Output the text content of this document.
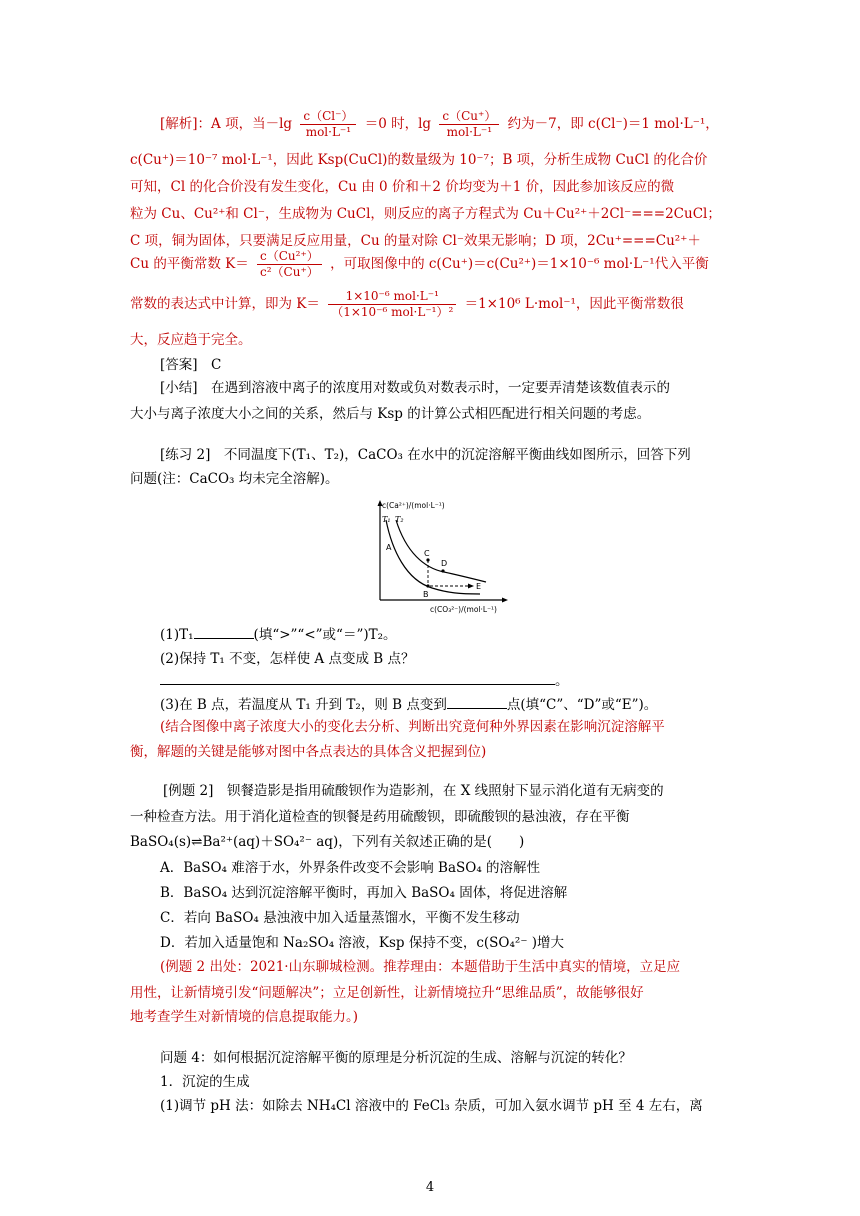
[解析]：A 项，当$-\lg \frac{c(Cl^-)}{\text{mol·L⁻¹}} =0$ 时，$\lg \frac{c(Cu^+)}{\text{mol·L⁻¹}}$ 约为－7，即 c(Cl⁻)＝1 mol·L⁻¹，
c(Cu⁺)＝10⁻⁷ mol·L⁻¹，因此 Ksp(CuCl)的数量级为 10⁻⁷；B 项，分析生成物 CuCl 的化合价
可知，Cl 的化合价没有发生变化，Cu 由 0 价和＋2 价均变为＋1 价，因此参加该反应的微
粒为 Cu、Cu²⁺和 Cl⁻，生成物为 CuCl，则反应的离子方程式为 Cu＋Cu²⁺＋2Cl⁻===2CuCl；
C 项，铜为固体，只要满足反应用量，Cu 的量对除 Cl⁻效果无影响；D 项，2Cu⁺===Cu²⁺＋
Cu 的平衡常数 $K= \frac{\text{c（Cu²⁺）}}{\text{c²（Cu⁺）}}$ ，可取图像中的 c(Cu⁺)＝c(Cu²⁺)＝1×10⁻⁶ mol·L⁻¹代入平衡
常数的表达式中计算，即为 $K= \frac{\text{1×10⁻⁶ mol·L⁻¹}}{\text{（1×10⁻⁶ mol·L⁻¹）²}} =1\times 10^6$ L·mol⁻¹，因此平衡常数很
大，反应趋于完全。
[答案]　C
[小结]　在遇到溶液中离子的浓度用对数或负对数表示时，一定要弄清楚该数值表示的
大小与离子浓度大小之间的关系，然后与 Ksp 的计算公式相匹配进行相关问题的考虑。
[练习 2]　不同温度下(T₁、T₂)，CaCO₃ 在水中的沉淀溶解平衡曲线如图所示，回答下列
问题(注：CaCO₃ 均未完全溶解)。
c(Ca²⁺)/(mol·L⁻¹)
c(CO₃²⁻)/(mol·L⁻¹)
T₁ T₂
A
C
D
B
E
(1)T₁	(填“>”“<”或“＝”)T₂。
(2)保持 T₁ 不变，怎样使 A 点变成 B 点？
。
(3)在 B 点，若温度从 T₁ 升到 T₂，则 B 点变到	点(填“C”、“D”或“E”)。
(结合图像中离子浓度大小的变化去分析、判断出究竟何种外界因素在影响沉淀溶解平
衡，解题的关键是能够对图中各点表达的具体含义把握到位)
[例题 2]　钡餐造影是指用硫酸钡作为造影剂，在 X 线照射下显示消化道有无病变的
一种检查方法。用于消化道检查的钡餐是药用硫酸钡，即硫酸钡的悬浊液，存在平衡
BaSO₄(s)⇌Ba²⁺(aq)＋SO₄²⁻ aq)，下列有关叙述正确的是(　　)
A．BaSO₄ 难溶于水，外界条件改变不会影响 BaSO₄ 的溶解性
B．BaSO₄ 达到沉淀溶解平衡时，再加入 BaSO₄ 固体，将促进溶解
C．若向 BaSO₄ 悬浊液中加入适量蒸馏水，平衡不发生移动
D．若加入适量饱和 Na₂SO₄ 溶液，Ksp 保持不变，c(SO₄²⁻ )增大
(例题 2 出处：2021·山东聊城检测。推荐理由：本题借助于生活中真实的情境，立足应
用性，让新情境引发“问题解决”；立足创新性，让新情境拉升“思维品质”，故能够很好
地考查学生对新情境的信息提取能力。)
问题 4：如何根据沉淀溶解平衡的原理是分析沉淀的生成、溶解与沉淀的转化？
1．沉淀的生成
(1)调节 pH 法：如除去 NH₄Cl 溶液中的 FeCl₃ 杂质，可加入氨水调节 pH 至 4 左右，离
4
